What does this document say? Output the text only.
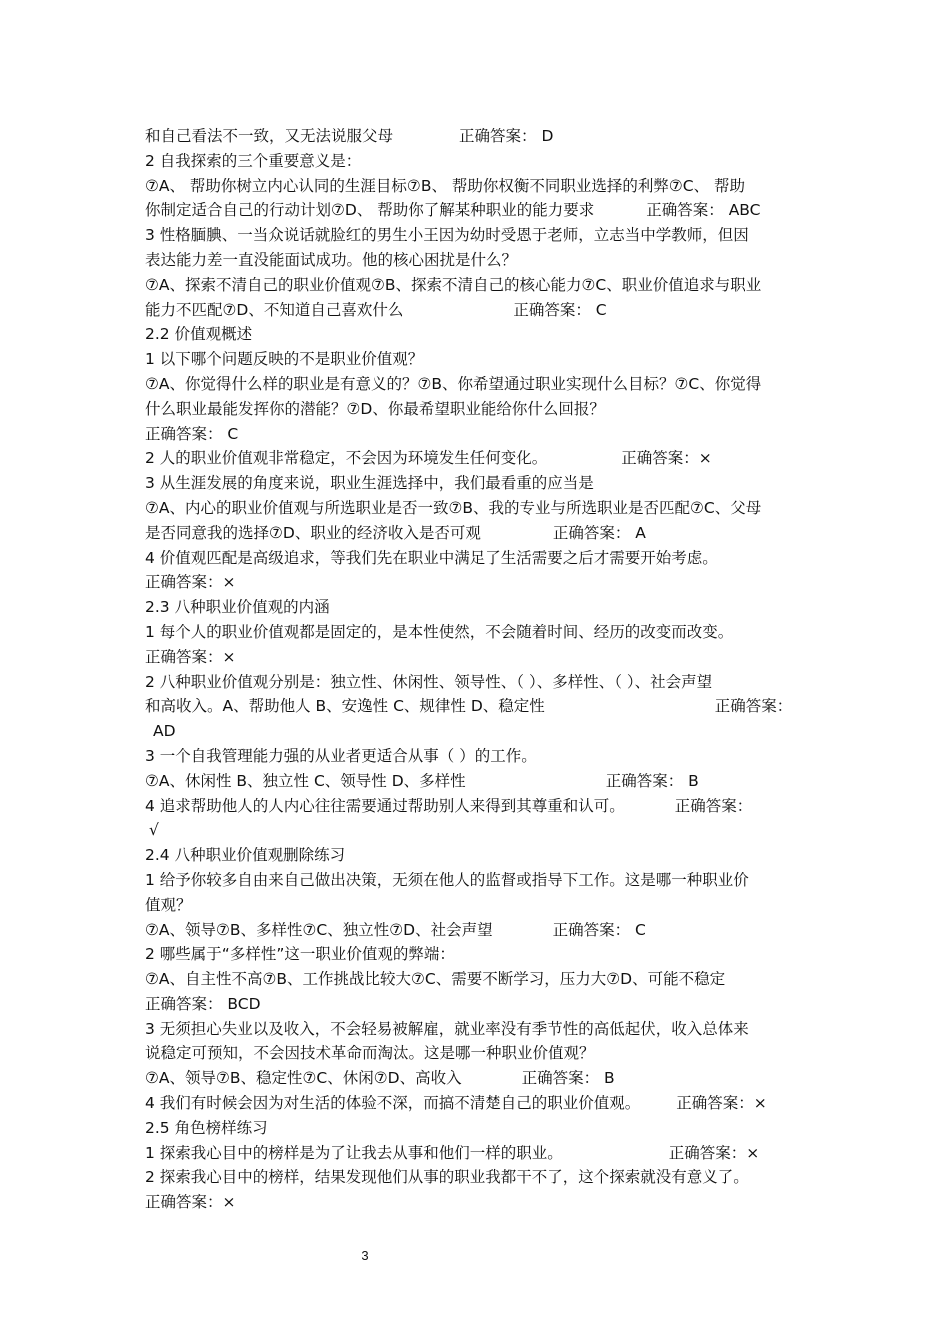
和自己看法不一致，又无法说服父母	正确答案： D
2 自我探索的三个重要意义是：
⑦A、 帮助你树立内心认同的生涯目标⑦B、 帮助你权衡不同职业选择的利弊⑦C、 帮助
你制定适合自己的行动计划⑦D、 帮助你了解某种职业的能力要求	正确答案： ABC
3 性格腼腆、一当众说话就脸红的男生小王因为幼时受恩于老师，立志当中学教师，但因
表达能力差一直没能面试成功。他的核心困扰是什么？
⑦A、探索不清自己的职业价值观⑦B、探索不清自己的核心能力⑦C、职业价值追求与职业
能力不匹配⑦D、不知道自己喜欢什么	正确答案： C
2.2 价值观概述
1 以下哪个问题反映的不是职业价值观？
⑦A、你觉得什么样的职业是有意义的？⑦B、你希望通过职业实现什么目标？⑦C、你觉得
什么职业最能发挥你的潜能？⑦D、你最希望职业能给你什么回报？
正确答案： C
2 人的职业价值观非常稳定，不会因为环境发生任何变化。	正确答案：×
3 从生涯发展的角度来说，职业生涯选择中，我们最看重的应当是
⑦A、内心的职业价值观与所选职业是否一致⑦B、我的专业与所选职业是否匹配⑦C、父母
是否同意我的选择⑦D、职业的经济收入是否可观	正确答案： A
4 价值观匹配是高级追求，等我们先在职业中满足了生活需要之后才需要开始考虑。
正确答案：×
2.3 八种职业价值观的内涵
1 每个人的职业价值观都是固定的，是本性使然，不会随着时间、经历的改变而改变。
正确答案：×
2 八种职业价值观分别是：独立性、休闲性、领导性、（ ）、多样性、（ ）、社会声望
和高收入。A、帮助他人 B、安逸性 C、规律性 D、稳定性	正确答案：
AD
3 一个自我管理能力强的从业者更适合从事（ ）的工作。
⑦A、休闲性 B、独立性 C、领导性 D、多样性	正确答案： B
4 追求帮助他人的人内心往往需要通过帮助别人来得到其尊重和认可。	正确答案：
√
2.4 八种职业价值观删除练习
1 给予你较多自由来自己做出决策，无须在他人的监督或指导下工作。这是哪一种职业价
值观？
⑦A、领导⑦B、多样性⑦C、独立性⑦D、社会声望	正确答案： C
2 哪些属于“多样性”这一职业价值观的弊端：
⑦A、自主性不高⑦B、工作挑战比较大⑦C、需要不断学习，压力大⑦D、可能不稳定
正确答案： BCD
3 无须担心失业以及收入，不会轻易被解雇，就业率没有季节性的高低起伏，收入总体来
说稳定可预知，不会因技术革命而淘汰。这是哪一种职业价值观？
⑦A、领导⑦B、稳定性⑦C、休闲⑦D、高收入	正确答案： B
4 我们有时候会因为对生活的体验不深，而搞不清楚自己的职业价值观。 正确答案：×
2.5 角色榜样练习
1 探索我心目中的榜样是为了让我去从事和他们一样的职业。	正确答案：×
2 探索我心目中的榜样，结果发现他们从事的职业我都干不了，这个探索就没有意义了。
正确答案：×
3
